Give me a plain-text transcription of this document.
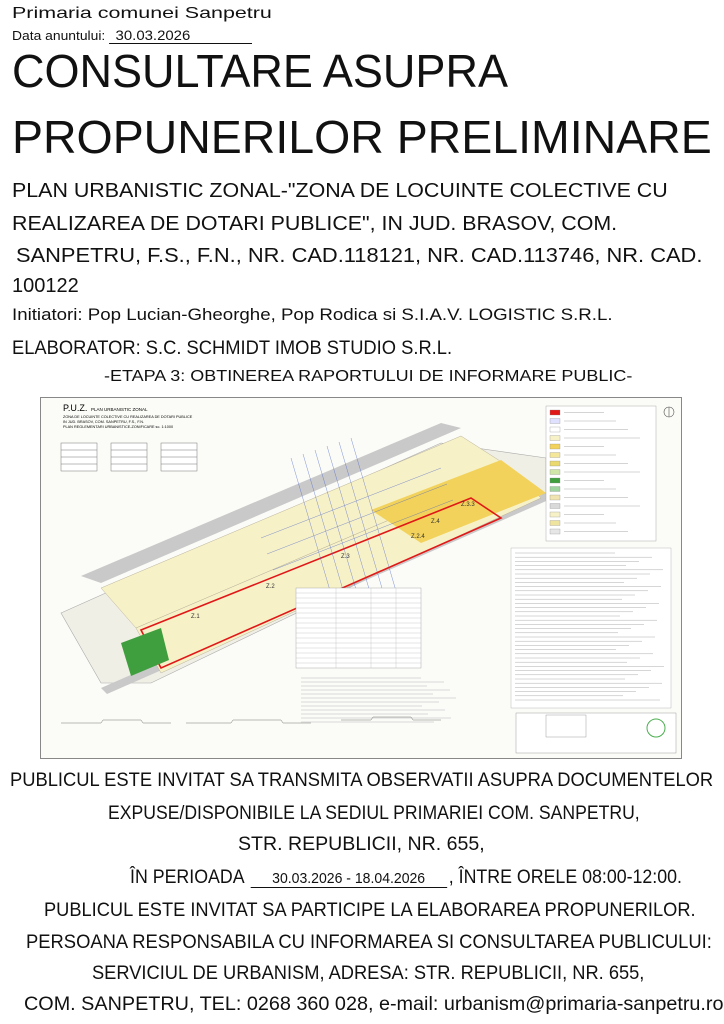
Primaria comunei Sanpetru
Data anuntului: 30.03.2026
CONSULTARE ASUPRA
PROPUNERILOR PRELIMINARE
PLAN URBANISTIC ZONAL-"ZONA DE LOCUINTE COLECTIVE CU
REALIZAREA DE DOTARI PUBLICE", IN JUD. BRASOV, COM.
SANPETRU, F.S., F.N., NR. CAD.118121, NR. CAD.113746, NR. CAD.
100122
Initiatori: Pop Lucian-Gheorghe, Pop Rodica si S.I.A.V. LOGISTIC S.R.L.
ELABORATOR: S.C. SCHMIDT IMOB STUDIO S.R.L.
-ETAPA 3: OBTINEREA RAPORTULUI DE INFORMARE PUBLIC-
P.U.Z. PLAN URBANISTIC ZONAL
ZONA DE LOCUINTE COLECTIVE CU REALIZAREA DE DOTARI PUBLICE
IN JUD. BRASOV, COM. SANPETRU, F.S., F.N.
PLAN REGLEMENTARI URBANISTICE-ZONIFICARE sc. 1:1000
Z.1
Z.2
Z.3
Z.4
Z.2.4
Z.3.3
PUBLICUL ESTE INVITAT SA TRANSMITA OBSERVATII ASUPRA DOCUMENTELOR
EXPUSE/DISPONIBILE LA SEDIUL PRIMARIEI COM. SANPETRU,
STR. REPUBLICII, NR. 655,
ÎN PERIOADA 30.03.2026 - 18.04.2026 , ÎNTRE ORELE 08:00-12:00.
PUBLICUL ESTE INVITAT SA PARTICIPE LA ELABORAREA PROPUNERILOR.
PERSOANA RESPONSABILA CU INFORMAREA SI CONSULTAREA PUBLICULUI:
SERVICIUL DE URBANISM, ADRESA: STR. REPUBLICII, NR. 655,
COM. SANPETRU, TEL: 0268 360 028, e-mail: urbanism@primaria-sanpetru.ro
